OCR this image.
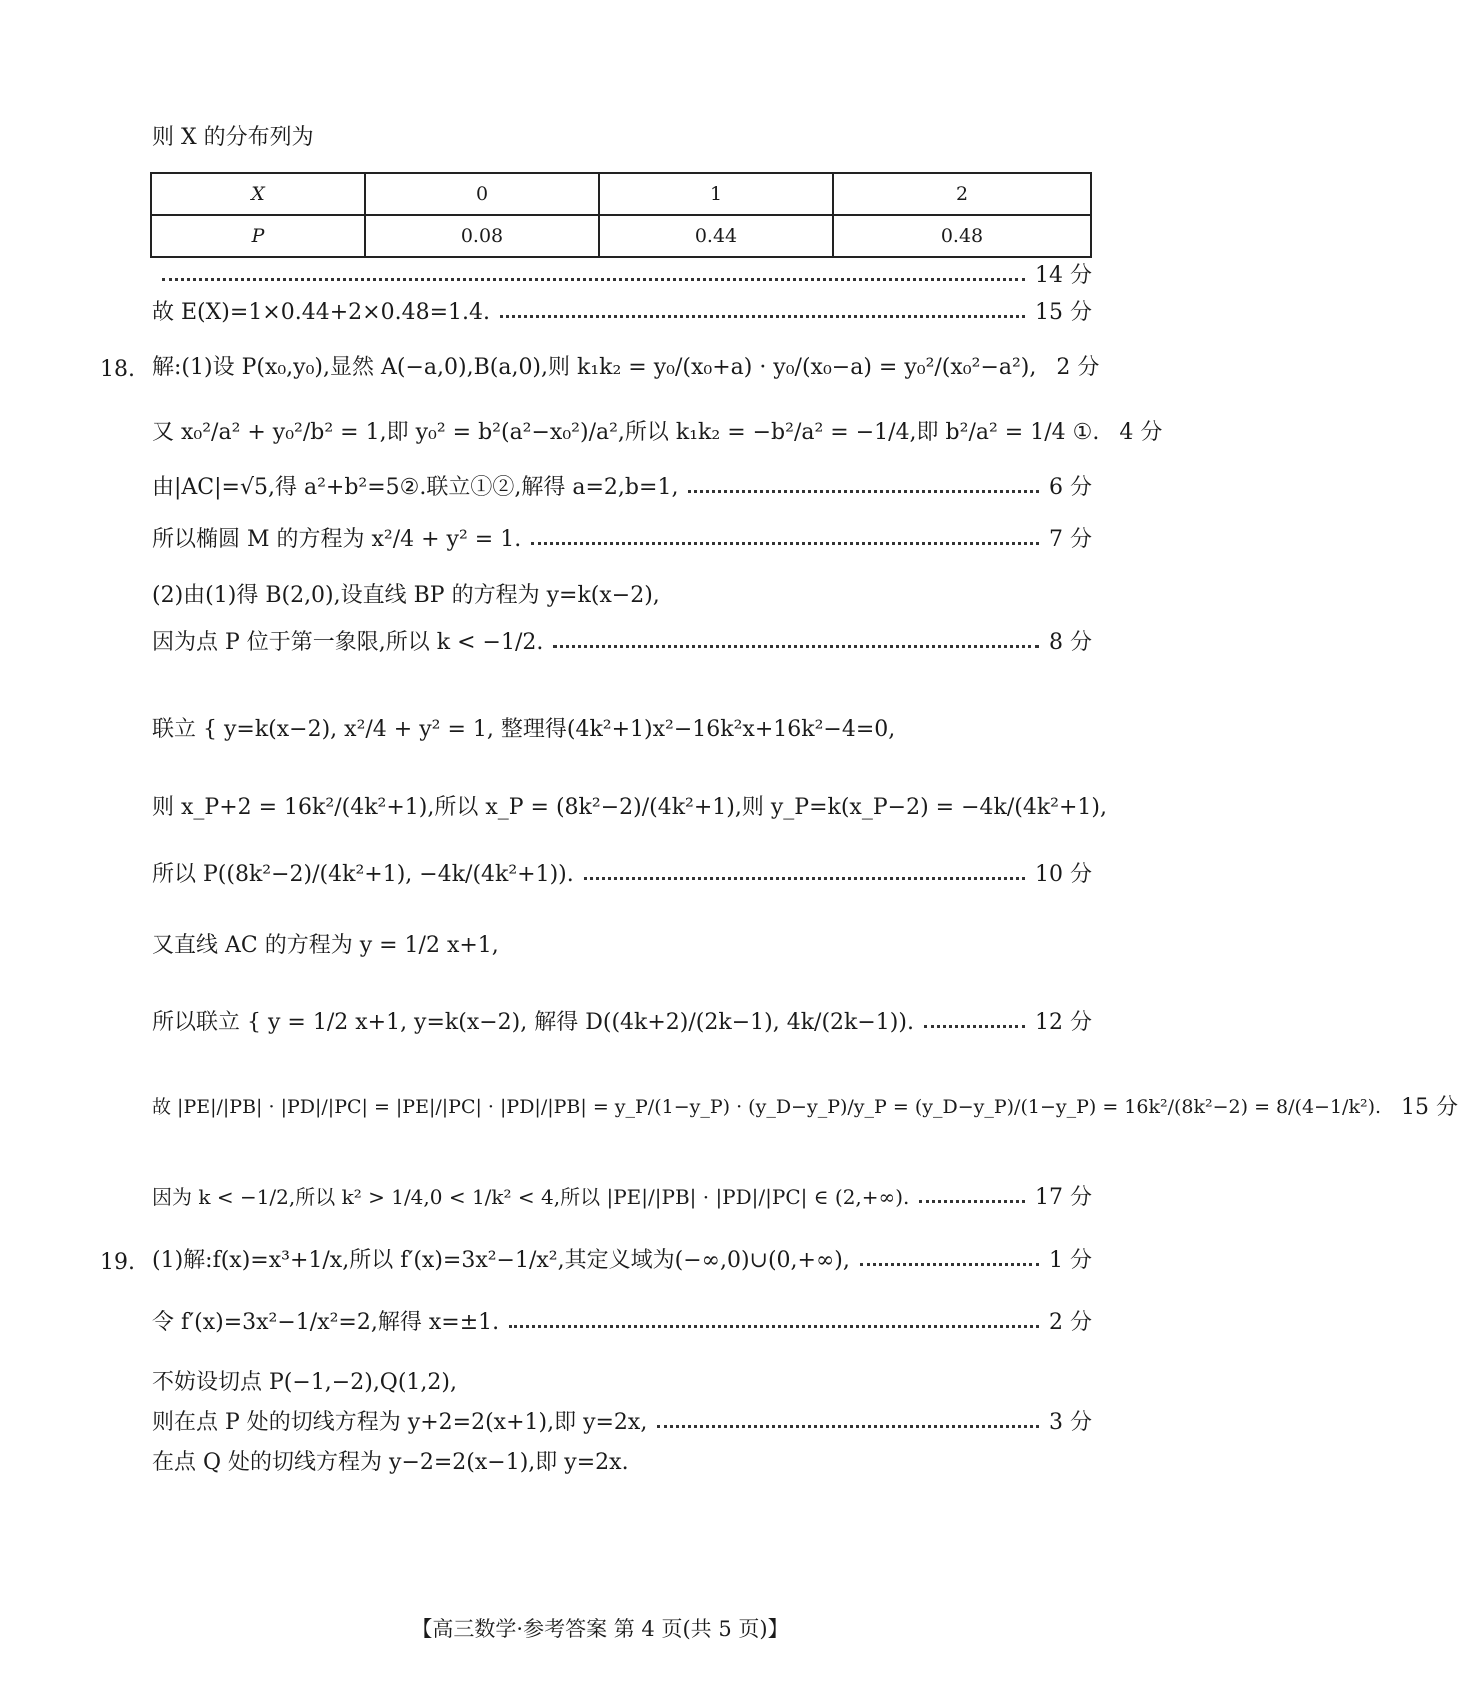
则 X 的分布列为
X	0	1	2
P	0.08	0.44	0.48
14 分
故 E(X)=1×0.44+2×0.48=1.4.	15 分
18. 解:(1)设 P(x₀,y₀),显然 A(−a,0),B(a,0),则 k₁k₂ = y₀/(x₀+a) · y₀/(x₀−a) = y₀²/(x₀²−a²), 2 分
又 x₀²/a² + y₀²/b² = 1,即 y₀² = b²(a²−x₀²)/a²,所以 k₁k₂ = −b²/a² = −1/4,即 b²/a² = 1/4 ①. 4 分
由|AC|=√5,得 a²+b²=5②.联立①②,解得 a=2,b=1,	6 分
所以椭圆 M 的方程为 x²/4 + y² = 1.	7 分
(2)由(1)得 B(2,0),设直线 BP 的方程为 y=k(x−2),
因为点 P 位于第一象限,所以 k < −1/2.	8 分
联立 { y=k(x−2), x²/4 + y² = 1, 整理得(4k²+1)x²−16k²x+16k²−4=0,
则 x_P+2 = 16k²/(4k²+1),所以 x_P = (8k²−2)/(4k²+1),则 y_P=k(x_P−2) = −4k/(4k²+1),
所以 P((8k²−2)/(4k²+1), −4k/(4k²+1)).	10 分
又直线 AC 的方程为 y = 1/2 x+1,
所以联立 { y = 1/2 x+1, y=k(x−2), 解得 D((4k+2)/(2k−1), 4k/(2k−1)).	12 分
故 |PE|/|PB| · |PD|/|PC| = |PE|/|PC| · |PD|/|PB| = y_P/(1−y_P) · (y_D−y_P)/y_P = (y_D−y_P)/(1−y_P) = 16k²/(8k²−2) = 8/(4−1/k²). 15 分
因为 k < −1/2,所以 k² > 1/4,0 < 1/k² < 4,所以 |PE|/|PB| · |PD|/|PC| ∈ (2,+∞).	17 分
19. (1)解:f(x)=x³+1/x,所以 f′(x)=3x²−1/x²,其定义域为(−∞,0)∪(0,+∞),	1 分
令 f′(x)=3x²−1/x²=2,解得 x=±1.	2 分
不妨设切点 P(−1,−2),Q(1,2),
则在点 P 处的切线方程为 y+2=2(x+1),即 y=2x,	3 分
在点 Q 处的切线方程为 y−2=2(x−1),即 y=2x.
【高三数学·参考答案 第 4 页(共 5 页)】
